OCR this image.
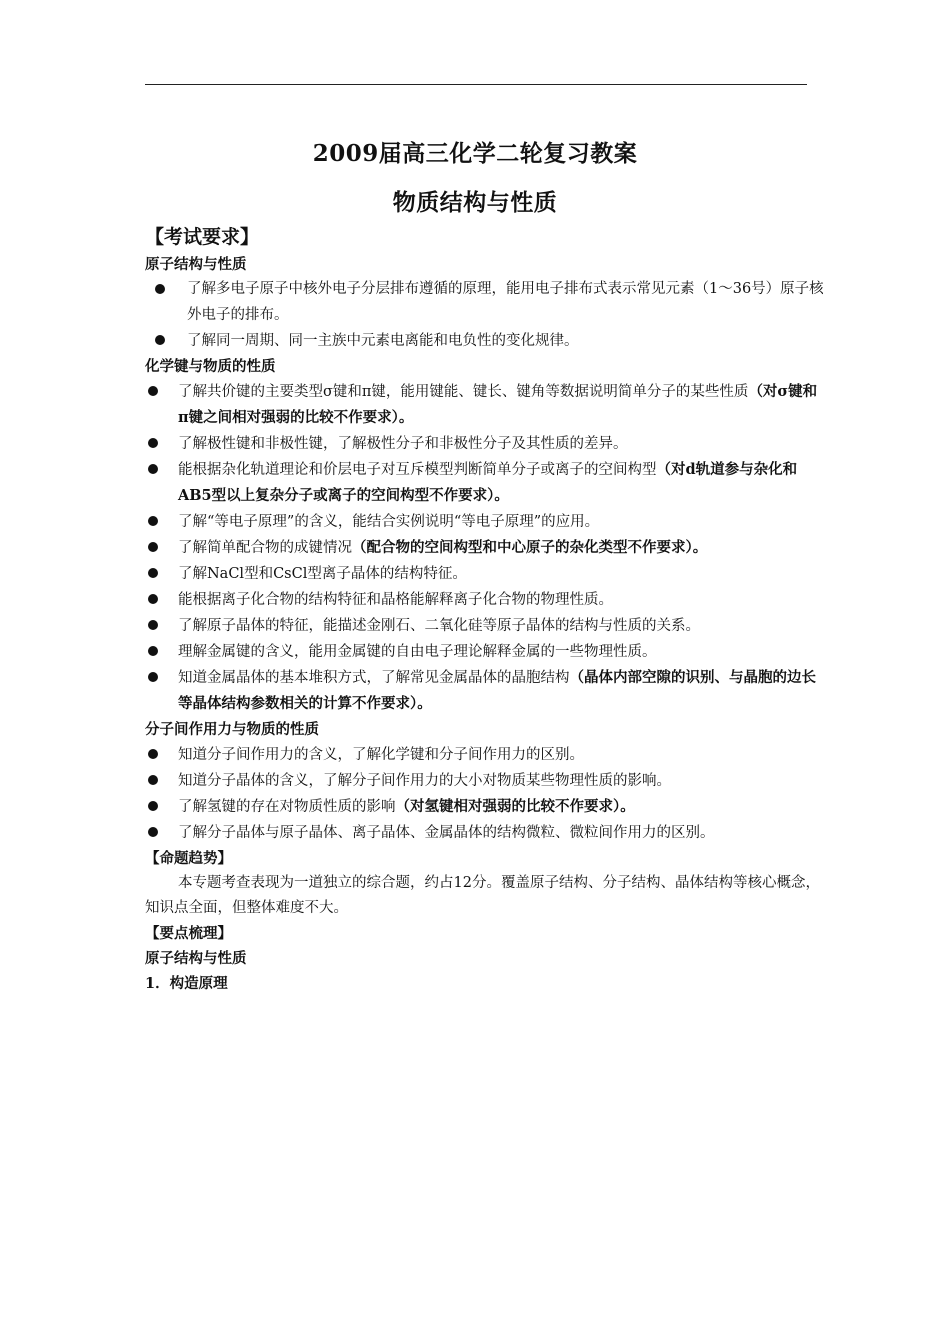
2009届高三化学二轮复习教案
物质结构与性质
【考试要求】
原子结构与性质
了解多电子原子中核外电子分层排布遵循的原理，能用电子排布式表示常见元素（1～36号）原子核外电子的排布。
了解同一周期、同一主族中元素电离能和电负性的变化规律。
化学键与物质的性质
了解共价键的主要类型σ键和π键，能用键能、键长、键角等数据说明简单分子的某些性质（对σ键和π键之间相对强弱的比较不作要求）。
了解极性键和非极性键，了解极性分子和非极性分子及其性质的差异。
能根据杂化轨道理论和价层电子对互斥模型判断简单分子或离子的空间构型（对d轨道参与杂化和AB5型以上复杂分子或离子的空间构型不作要求）。
了解“等电子原理”的含义，能结合实例说明“等电子原理”的应用。
了解简单配合物的成键情况（配合物的空间构型和中心原子的杂化类型不作要求）。
了解NaCl型和CsCl型离子晶体的结构特征。
能根据离子化合物的结构特征和晶格能解释离子化合物的物理性质。
了解原子晶体的特征，能描述金刚石、二氧化硅等原子晶体的结构与性质的关系。
理解金属键的含义，能用金属键的自由电子理论解释金属的一些物理性质。
知道金属晶体的基本堆积方式，了解常见金属晶体的晶胞结构（晶体内部空隙的识别、与晶胞的边长等晶体结构参数相关的计算不作要求）。
分子间作用力与物质的性质
知道分子间作用力的含义，了解化学键和分子间作用力的区别。
知道分子晶体的含义，了解分子间作用力的大小对物质某些物理性质的影响。
了解氢键的存在对物质性质的影响（对氢键相对强弱的比较不作要求）。
了解分子晶体与原子晶体、离子晶体、金属晶体的结构微粒、微粒间作用力的区别。
【命题趋势】
本专题考查表现为一道独立的综合题，约占12分。覆盖原子结构、分子结构、晶体结构等核心概念，知识点全面，但整体难度不大。
【要点梳理】
原子结构与性质
1．构造原理
